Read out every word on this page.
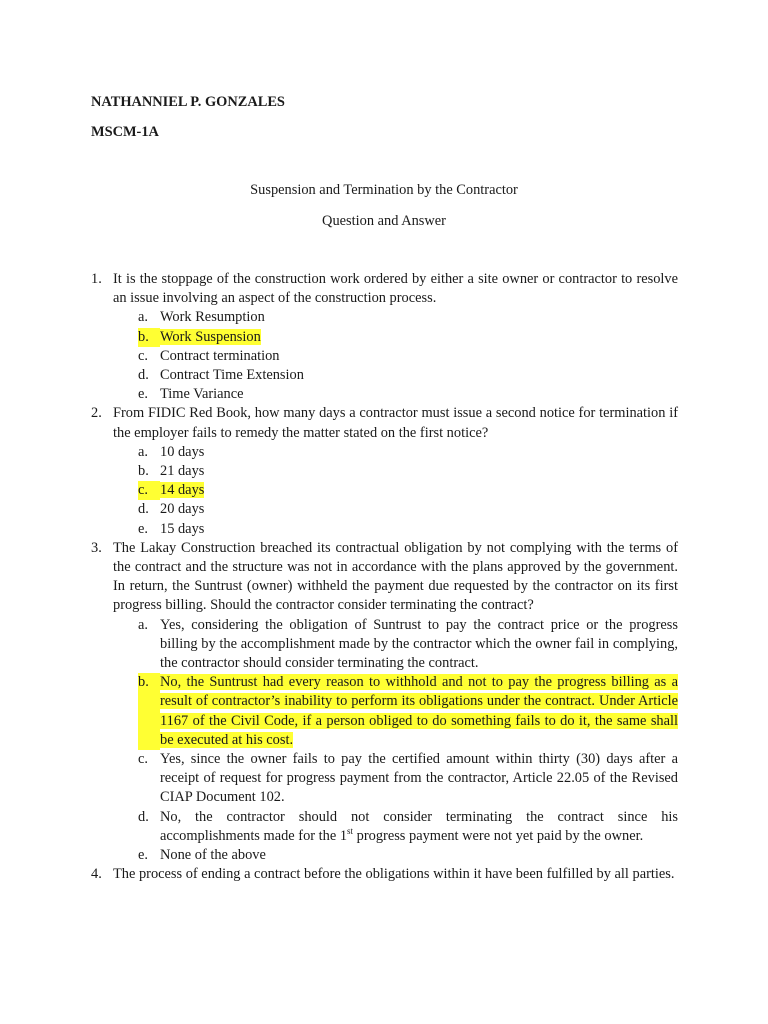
NATHANNIEL P. GONZALES
MSCM-1A
Suspension and Termination by the Contractor
Question and Answer
1. It is the stoppage of the construction work ordered by either a site owner or contractor to resolve an issue involving an aspect of the construction process.
a. Work Resumption
b. Work Suspension
c. Contract termination
d. Contract Time Extension
e. Time Variance
2. From FIDIC Red Book, how many days a contractor must issue a second notice for termination if the employer fails to remedy the matter stated on the first notice?
a. 10 days
b. 21 days
c. 14 days
d. 20 days
e. 15 days
3. The Lakay Construction breached its contractual obligation by not complying with the terms of the contract and the structure was not in accordance with the plans approved by the government. In return, the Suntrust (owner) withheld the payment due requested by the contractor on its first progress billing. Should the contractor consider terminating the contract?
a. Yes, considering the obligation of Suntrust to pay the contract price or the progress billing by the accomplishment made by the contractor which the owner fail in complying, the contractor should consider terminating the contract.
b. No, the Suntrust had every reason to withhold and not to pay the progress billing as a result of contractor’s inability to perform its obligations under the contract. Under Article 1167 of the Civil Code, if a person obliged to do something fails to do it, the same shall be executed at his cost.
c. Yes, since the owner fails to pay the certified amount within thirty (30) days after a receipt of request for progress payment from the contractor, Article 22.05 of the Revised CIAP Document 102.
d. No, the contractor should not consider terminating the contract since his accomplishments made for the 1st progress payment were not yet paid by the owner.
e. None of the above
4. The process of ending a contract before the obligations within it have been fulfilled by all parties.
